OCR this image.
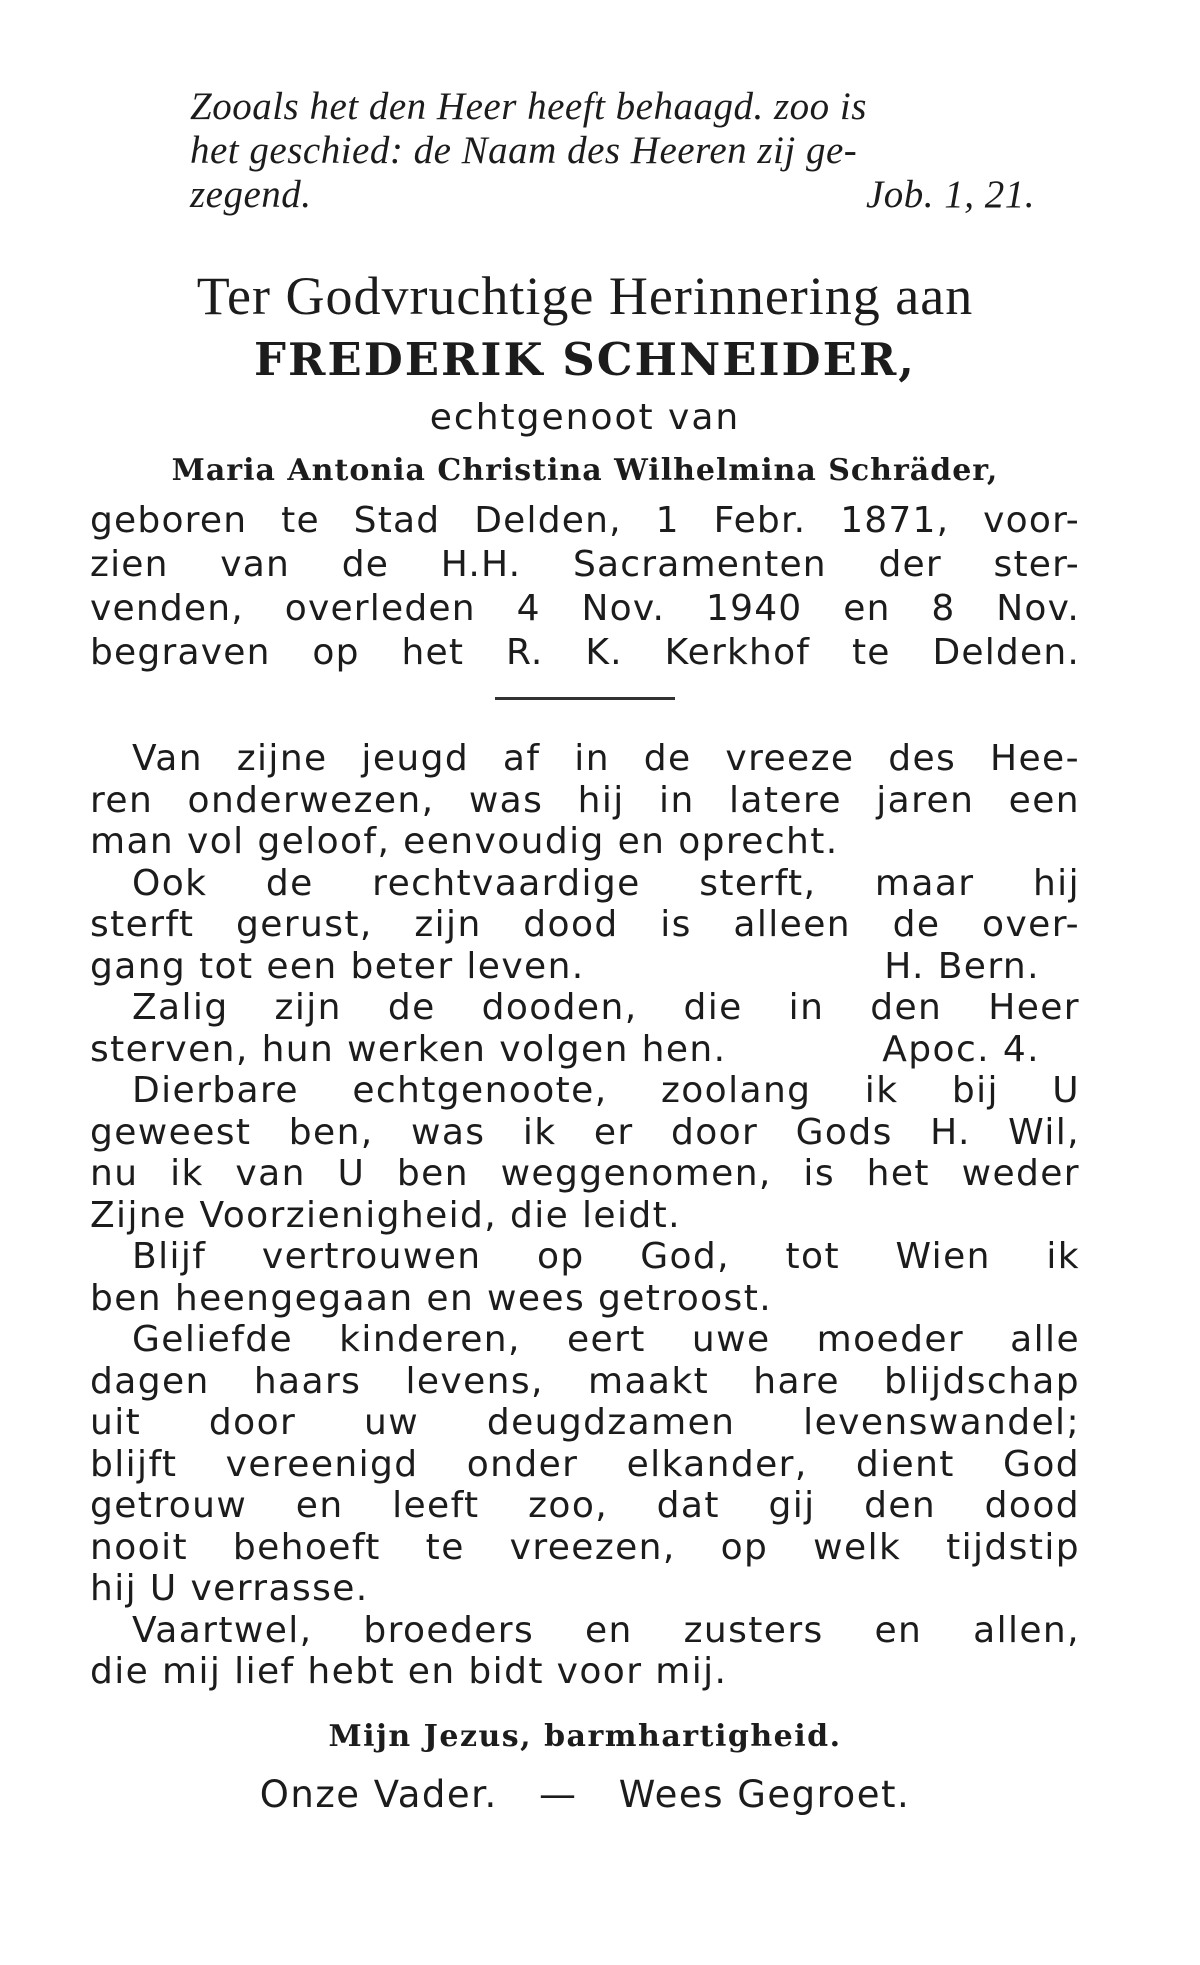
Zooals het den Heer heeft behaagd. zoo is
het geschied: de Naam des Heeren zij ge-
zegend.	Job. 1, 21.
Ter Godvruchtige Herinnering aan
FREDERIK SCHNEIDER,
echtgenoot van
Maria Antonia Christina Wilhelmina Schräder,
geboren te Stad Delden, 1 Febr. 1871, voor-
zien van de H.H. Sacramenten der ster-
venden, overleden 4 Nov. 1940 en 8 Nov.
begraven op het R. K. Kerkhof te Delden.
Van zijne jeugd af in de vreeze des Hee-
ren onderwezen, was hij in latere jaren een
man vol geloof, eenvoudig en oprecht.
Ook de rechtvaardige sterft, maar hij
sterft gerust, zijn dood is alleen de over-
gang tot een beter leven.	H. Bern.
Zalig zijn de dooden, die in den Heer
sterven, hun werken volgen hen.	Apoc. 4.
Dierbare echtgenoote, zoolang ik bij U
geweest ben, was ik er door Gods H. Wil,
nu ik van U ben weggenomen, is het weder
Zijne Voorzienigheid, die leidt.
Blijf vertrouwen op God, tot Wien ik
ben heengegaan en wees getroost.
Geliefde kinderen, eert uwe moeder alle
dagen haars levens, maakt hare blijdschap
uit door uw deugdzamen levenswandel;
blijft vereenigd onder elkander, dient God
getrouw en leeft zoo, dat gij den dood
nooit behoeft te vreezen, op welk tijdstip
hij U verrasse.
Vaartwel, broeders en zusters en allen,
die mij lief hebt en bidt voor mij.
Mijn Jezus, barmhartigheid.
Onze Vader. — Wees Gegroet.
